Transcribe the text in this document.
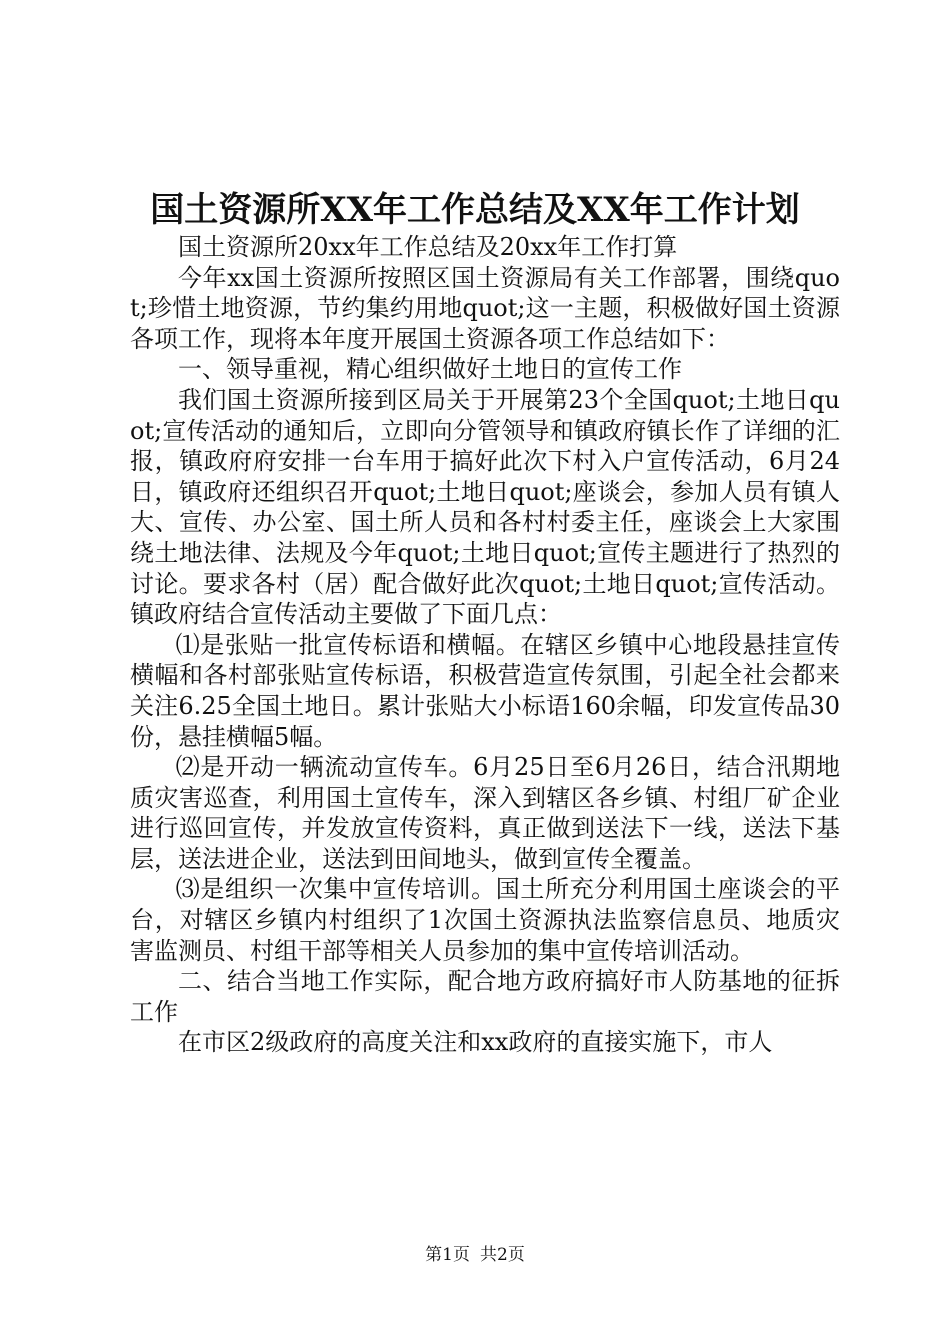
国土资源所XX年工作总结及XX年工作计划

国土资源所20xx年工作总结及20xx年工作打算

今年xx国土资源所按照区国土资源局有关工作部署，围绕quot;珍惜土地资源，节约集约用地quot;这一主题，积极做好国土资源各项工作，现将本年度开展国土资源各项工作总结如下：

一、领导重视，精心组织做好土地日的宣传工作

我们国土资源所接到区局关于开展第23个全国quot;土地日quot;宣传活动的通知后，立即向分管领导和镇政府镇长作了详细的汇报，镇政府府安排一台车用于搞好此次下村入户宣传活动，6月24日，镇政府还组织召开quot;土地日quot;座谈会，参加人员有镇人大、宣传、办公室、国土所人员和各村村委主任，座谈会上大家围绕土地法律、法规及今年quot;土地日quot;宣传主题进行了热烈的讨论。要求各村（居）配合做好此次quot;土地日quot;宣传活动。镇政府结合宣传活动主要做了下面几点：

⑴是张贴一批宣传标语和横幅。在辖区乡镇中心地段悬挂宣传横幅和各村部张贴宣传标语，积极营造宣传氛围，引起全社会都来关注6.25全国土地日。累计张贴大小标语160余幅，印发宣传品30份，悬挂横幅5幅。

⑵是开动一辆流动宣传车。6月25日至6月26日，结合汛期地质灾害巡查，利用国土宣传车，深入到辖区各乡镇、村组厂矿企业进行巡回宣传，并发放宣传资料，真正做到送法下一线，送法下基层，送法进企业，送法到田间地头，做到宣传全覆盖。

⑶是组织一次集中宣传培训。国土所充分利用国土座谈会的平台，对辖区乡镇内村组织了1次国土资源执法监察信息员、地质灾害监测员、村组干部等相关人员参加的集中宣传培训活动。

二、结合当地工作实际，配合地方政府搞好市人防基地的征拆工作

在市区2级政府的高度关注和xx政府的直接实施下，市人

第1页 共2页
